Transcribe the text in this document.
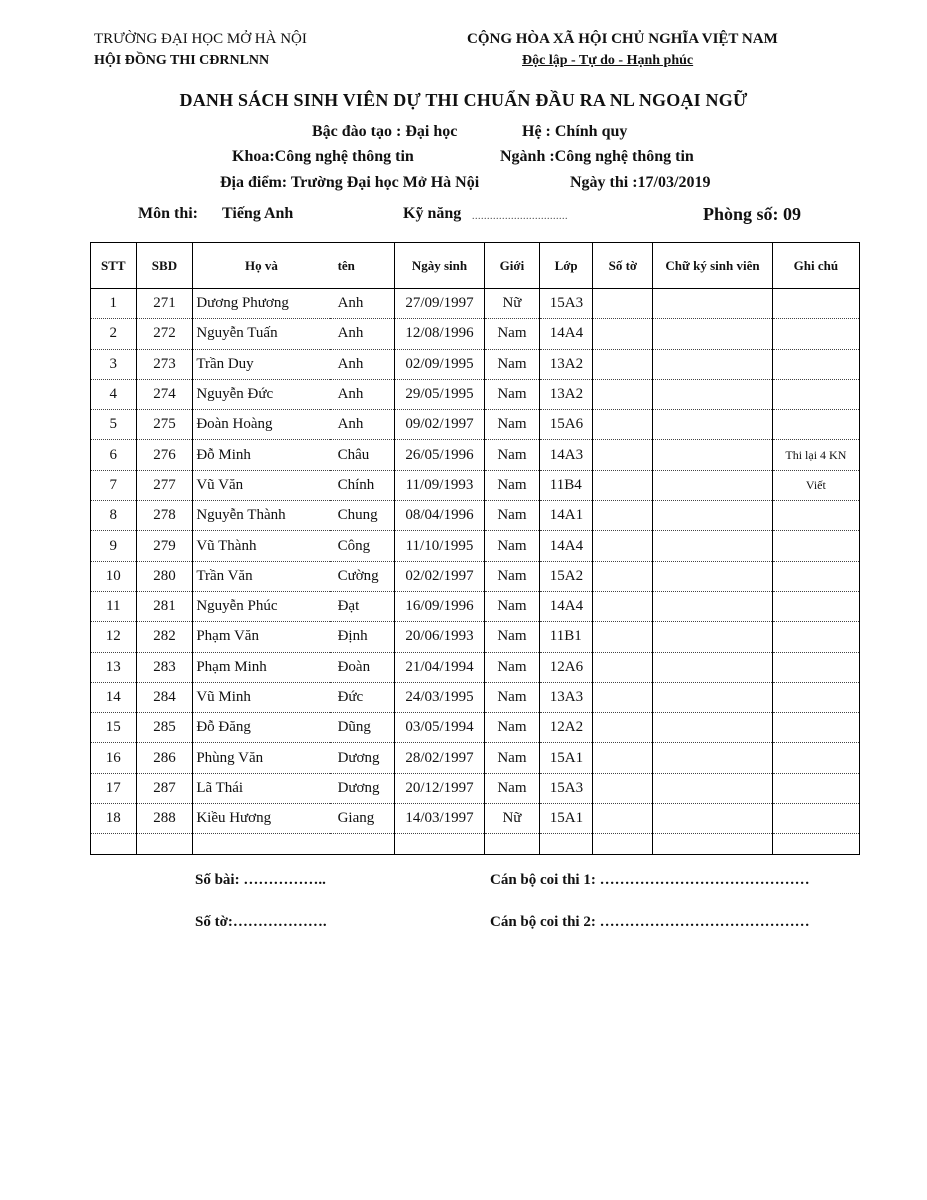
TRƯỜNG ĐẠI HỌC MỞ HÀ NỘI
HỘI ĐỒNG THI CĐRNLNN
CỘNG HÒA XÃ HỘI CHỦ NGHĨA VIỆT NAM
Độc lập - Tự do - Hạnh phúc
DANH SÁCH SINH VIÊN DỰ THI CHUẨN ĐẦU RA NL NGOẠI NGỮ
Bậc đào tạo : Đại học	Hệ : Chính quy
Khoa:Công nghệ thông tin	Ngành :Công nghệ thông tin
Địa điểm: Trường Đại học Mở Hà Nội	Ngày thi :17/03/2019
Môn thi: Tiếng Anh	Kỹ năng ................................	Phòng số: 09
STT	SBD	Họ và	tên	Ngày sinh	Giới	Lớp	Số tờ	Chữ ký sinh viên	Ghi chú
1	271	Dương Phương	Anh	27/09/1997	Nữ	15A3			
2	272	Nguyễn Tuấn	Anh	12/08/1996	Nam	14A4			
3	273	Trần Duy	Anh	02/09/1995	Nam	13A2			
4	274	Nguyễn Đức	Anh	29/05/1995	Nam	13A2			
5	275	Đoàn Hoàng	Anh	09/02/1997	Nam	15A6			
6	276	Đỗ Minh	Châu	26/05/1996	Nam	14A3			Thi lại 4 KN
7	277	Vũ Văn	Chính	11/09/1993	Nam	11B4			Viết
8	278	Nguyễn Thành	Chung	08/04/1996	Nam	14A1			
9	279	Vũ Thành	Công	11/10/1995	Nam	14A4			
10	280	Trần Văn	Cường	02/02/1997	Nam	15A2			
11	281	Nguyễn Phúc	Đạt	16/09/1996	Nam	14A4			
12	282	Phạm Văn	Định	20/06/1993	Nam	11B1			
13	283	Phạm Minh	Đoàn	21/04/1994	Nam	12A6			
14	284	Vũ Minh	Đức	24/03/1995	Nam	13A3			
15	285	Đỗ Đăng	Dũng	03/05/1994	Nam	12A2			
16	286	Phùng Văn	Dương	28/02/1997	Nam	15A1			
17	287	Lã Thái	Dương	20/12/1997	Nam	15A3			
18	288	Kiều Hương	Giang	14/03/1997	Nữ	15A1			

Số bài: ……………..
Số tờ:……………….
Cán bộ coi thi 1: ……………………………………
Cán bộ coi thi 2: ……………………………………
